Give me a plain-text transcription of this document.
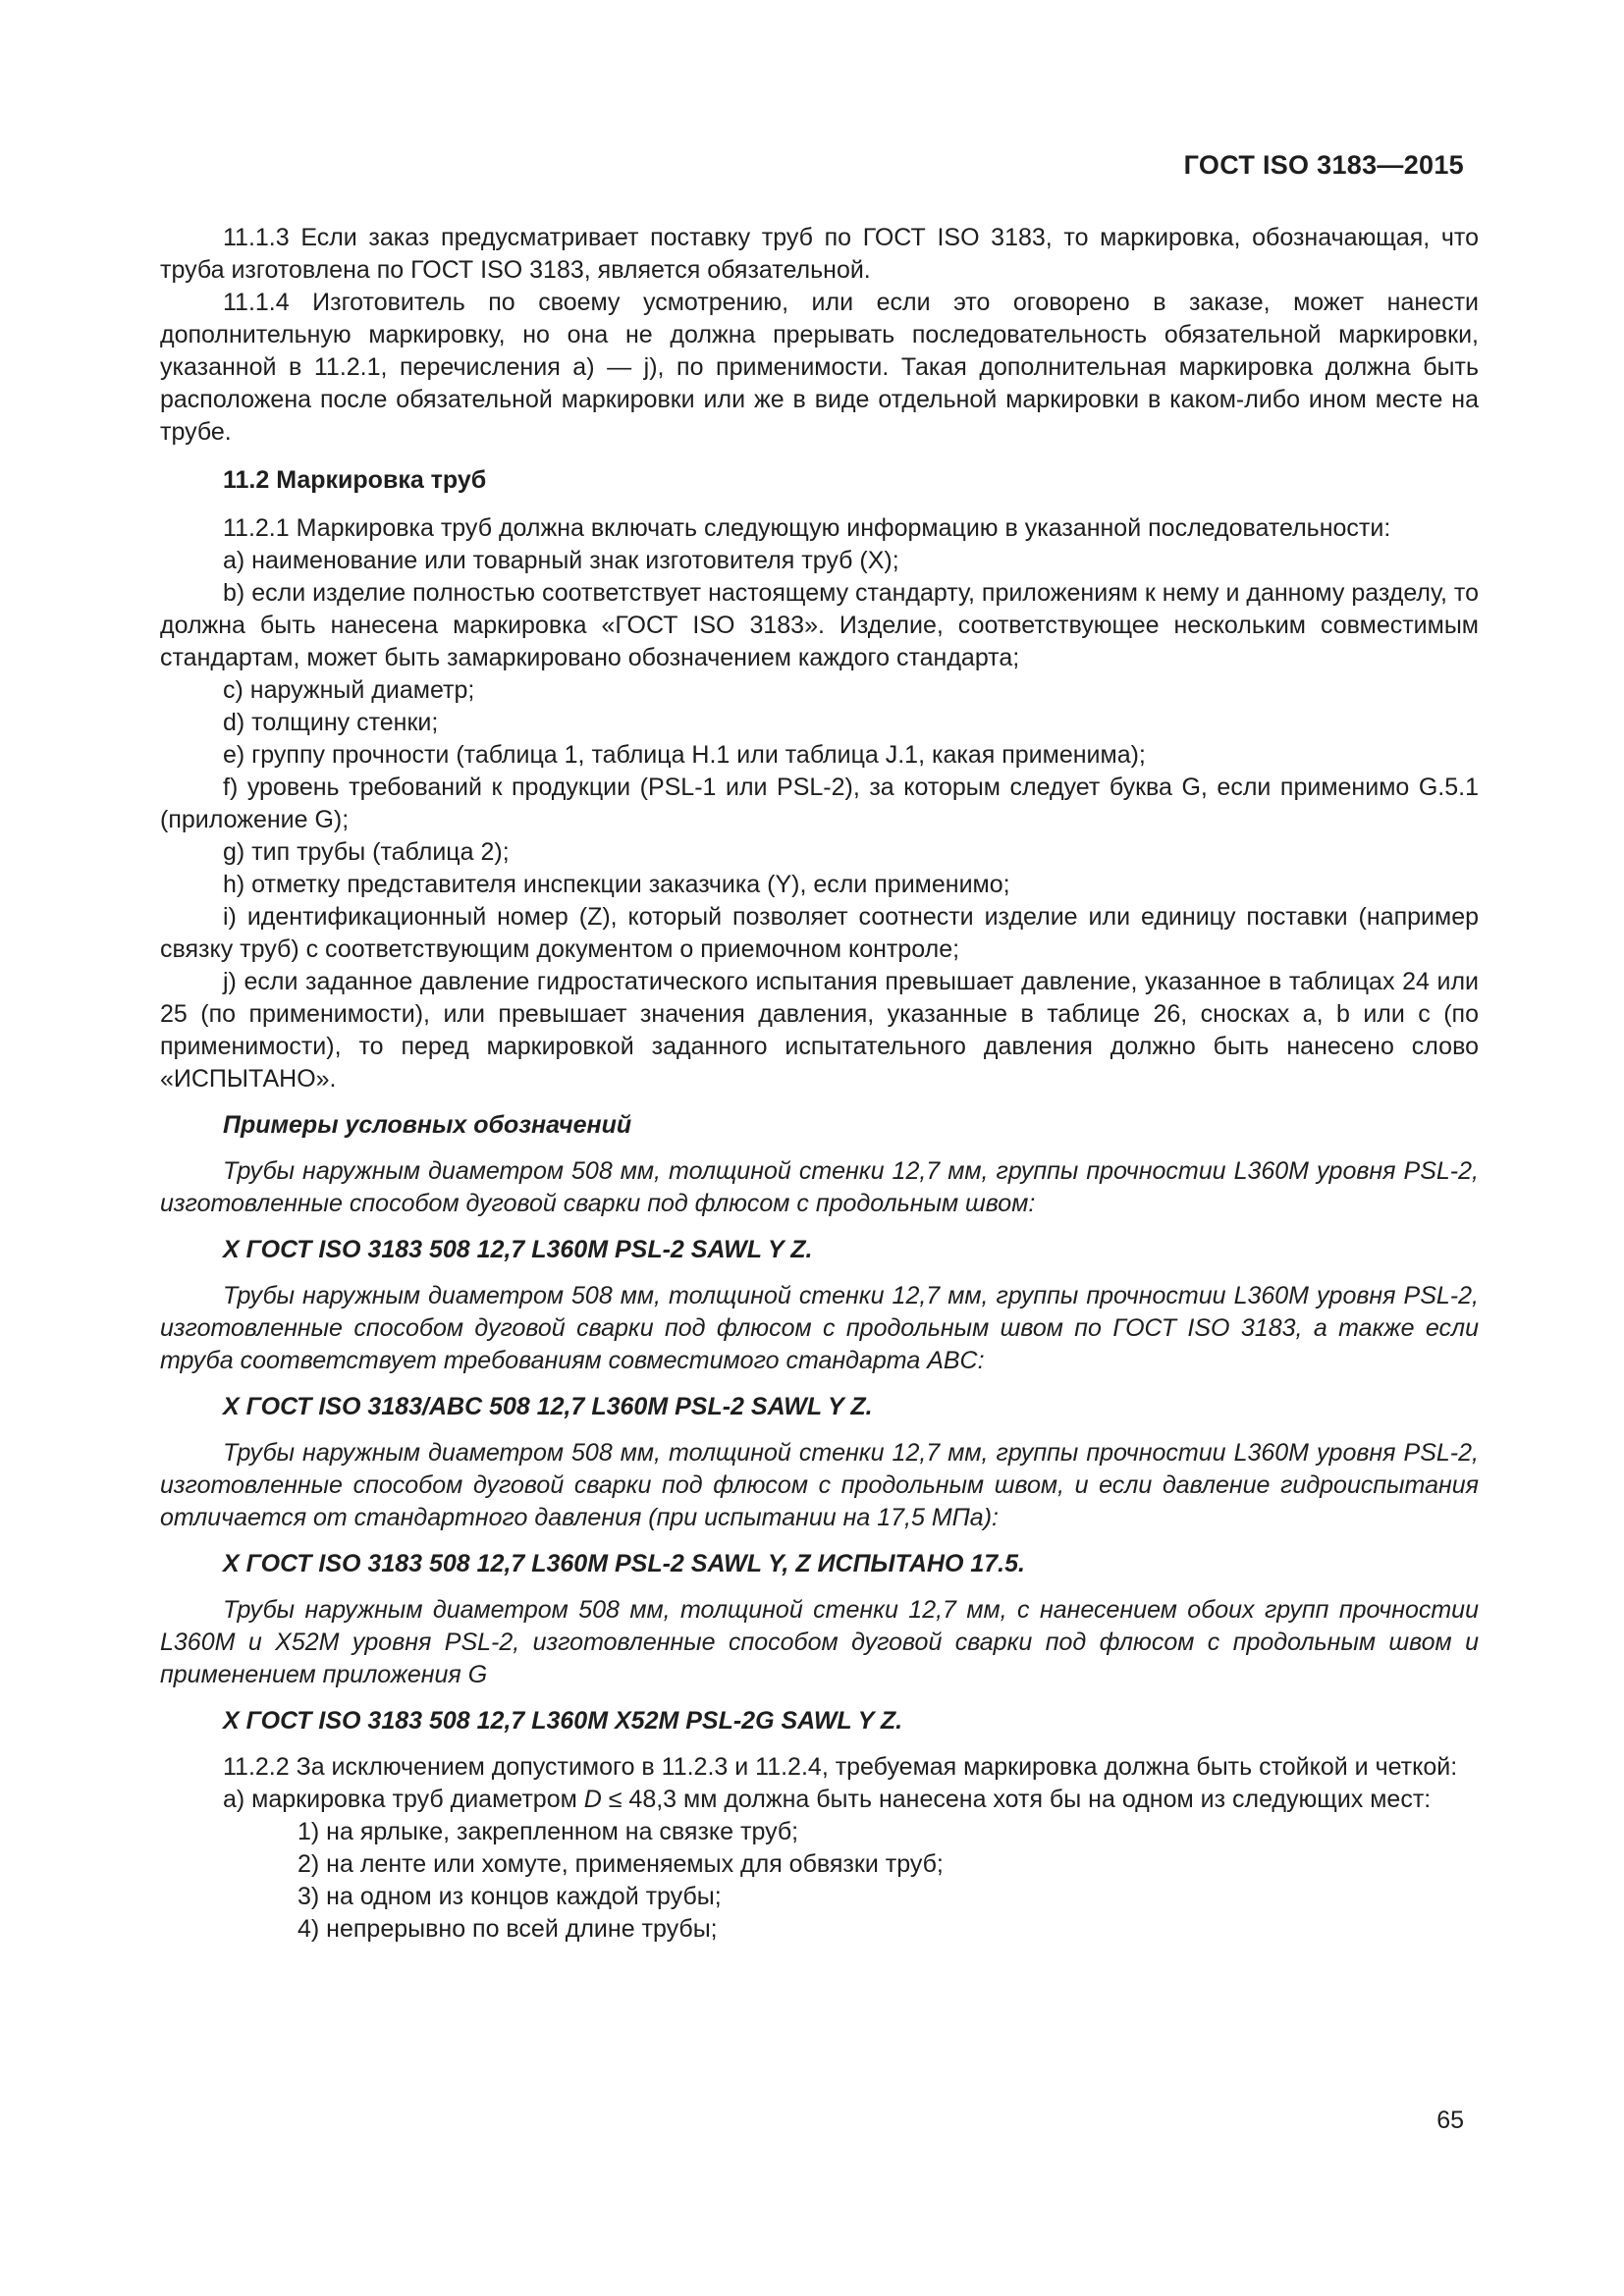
ГОСТ ISO 3183—2015

11.1.3 Если заказ предусматривает поставку труб по ГОСТ ISO 3183, то маркировка, обозначающая, что труба изготовлена по ГОСТ ISO 3183, является обязательной.

11.1.4 Изготовитель по своему усмотрению, или если это оговорено в заказе, может нанести дополнительную маркировку, но она не должна прерывать последовательность обязательной маркировки, указанной в 11.2.1, перечисления a) — j), по применимости. Такая дополнительная маркировка должна быть расположена после обязательной маркировки или же в виде отдельной маркировки в каком-либо ином месте на трубе.

11.2 Маркировка труб

11.2.1 Маркировка труб должна включать следующую информацию в указанной последовательности:

a) наименование или товарный знак изготовителя труб (X);

b) если изделие полностью соответствует настоящему стандарту, приложениям к нему и данному разделу, то должна быть нанесена маркировка «ГОСТ ISO 3183». Изделие, соответствующее нескольким совместимым стандартам, может быть замаркировано обозначением каждого стандарта;

c) наружный диаметр;

d) толщину стенки;

e) группу прочности (таблица 1, таблица H.1 или таблица J.1, какая применима);

f) уровень требований к продукции (PSL-1 или PSL-2), за которым следует буква G, если применимо G.5.1 (приложение G);

g) тип трубы (таблица 2);

h) отметку представителя инспекции заказчика (Y), если применимо;

i) идентификационный номер (Z), который позволяет соотнести изделие или единицу поставки (например связку труб) с соответствующим документом о приемочном контроле;

j) если заданное давление гидростатического испытания превышает давление, указанное в таблицах 24 или 25 (по применимости), или превышает значения давления, указанные в таблице 26, сносках a, b или c (по применимости), то перед маркировкой заданного испытательного давления должно быть нанесено слово «ИСПЫТАНО».

Примеры условных обозначений

Трубы наружным диаметром 508 мм, толщиной стенки 12,7 мм, группы прочностии L360M уровня PSL-2, изготовленные способом дуговой сварки под флюсом с продольным швом:

X ГОСТ ISO 3183 508 12,7 L360M PSL-2 SAWL Y Z.

Трубы наружным диаметром 508 мм, толщиной стенки 12,7 мм, группы прочностии L360M уровня PSL-2, изготовленные способом дуговой сварки под флюсом с продольным швом по ГОСТ ISO 3183, а также если труба соответствует требованиям совместимого стандарта ABC:

X ГОСТ ISO 3183/ABC 508 12,7 L360M PSL-2 SAWL Y Z.

Трубы наружным диаметром 508 мм, толщиной стенки 12,7 мм, группы прочностии L360M уровня PSL-2, изготовленные способом дуговой сварки под флюсом с продольным швом, и если давление гидроиспытания отличается от стандартного давления (при испытании на 17,5 МПа):

X ГОСТ ISO 3183 508 12,7 L360M PSL-2 SAWL Y, Z ИСПЫТАНО 17.5.

Трубы наружным диаметром 508 мм, толщиной стенки 12,7 мм, с нанесением обоих групп прочностии L360M и X52M уровня PSL-2, изготовленные способом дуговой сварки под флюсом с продольным швом и применением приложения G

X ГОСТ ISO 3183 508 12,7 L360M X52M PSL-2G SAWL Y Z.

11.2.2 За исключением допустимого в 11.2.3 и 11.2.4, требуемая маркировка должна быть стойкой и четкой:

a) маркировка труб диаметром D ≤ 48,3 мм должна быть нанесена хотя бы на одном из следующих мест:

1) на ярлыке, закрепленном на связке труб;

2) на ленте или хомуте, применяемых для обвязки труб;

3) на одном из концов каждой трубы;

4) непрерывно по всей длине трубы;

65
